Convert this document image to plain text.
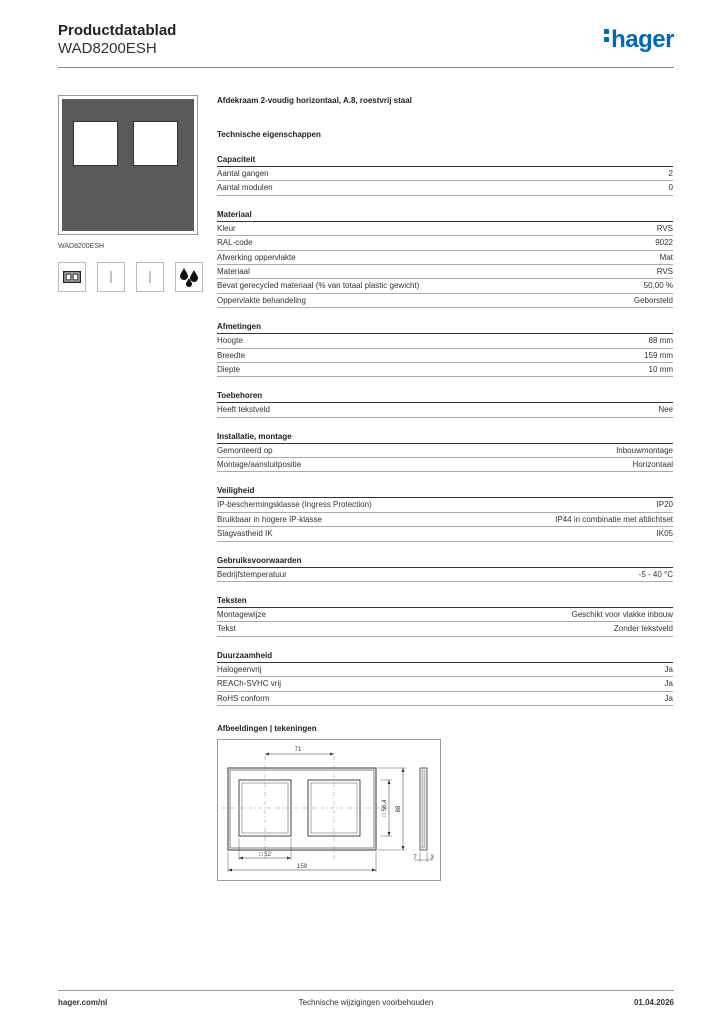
Productdatablad
WAD8200ESH	hager
WAD8200ESH
Afdekraam 2-voudig horizontaal, A.8, roestvrij staal
Technische eigenschappen
Capaciteit
Aantal gangen	2
Aantal modulen	0
Materiaal
Kleur	RVS
RAL-code	9022
Afwerking oppervlakte	Mat
Materiaal	RVS
Bevat gerecycled materiaal (% van totaal plastic gewicht)	50,00 %
Oppervlakte behandeling	Geborsteld
Afmetingen
Hoogte	88 mm
Breedte	159 mm
Diepte	10 mm
Toebehoren
Heeft tekstveld	Nee
Installatie, montage
Gemonteerd op	Inbouwmontage
Montage/aansluitpositie	Horizontaal
Veiligheid
IP-beschermingsklasse (Ingress Protection)	IP20
Bruikbaar in hogere IP-klasse	IP44 in combinatie met afdichtset
Slagvastheid IK	IK05
Gebruiksvoorwaarden
Bedrijfstemperatuur	-5 - 40 °C
Teksten
Montagewijze	Geschikt voor vlakke inbouw
Tekst	Zonder tekstveld
Duurzaamheid
Halogeenvrij	Ja
REACh-SVHC vrij	Ja
RoHS conform	Ja
Afbeeldingen | tekeningen
71
□ 56,4 88
□ 52
159
7 3
hager.com/nl	Technische wijzigingen voorbehouden	01.04.2026
